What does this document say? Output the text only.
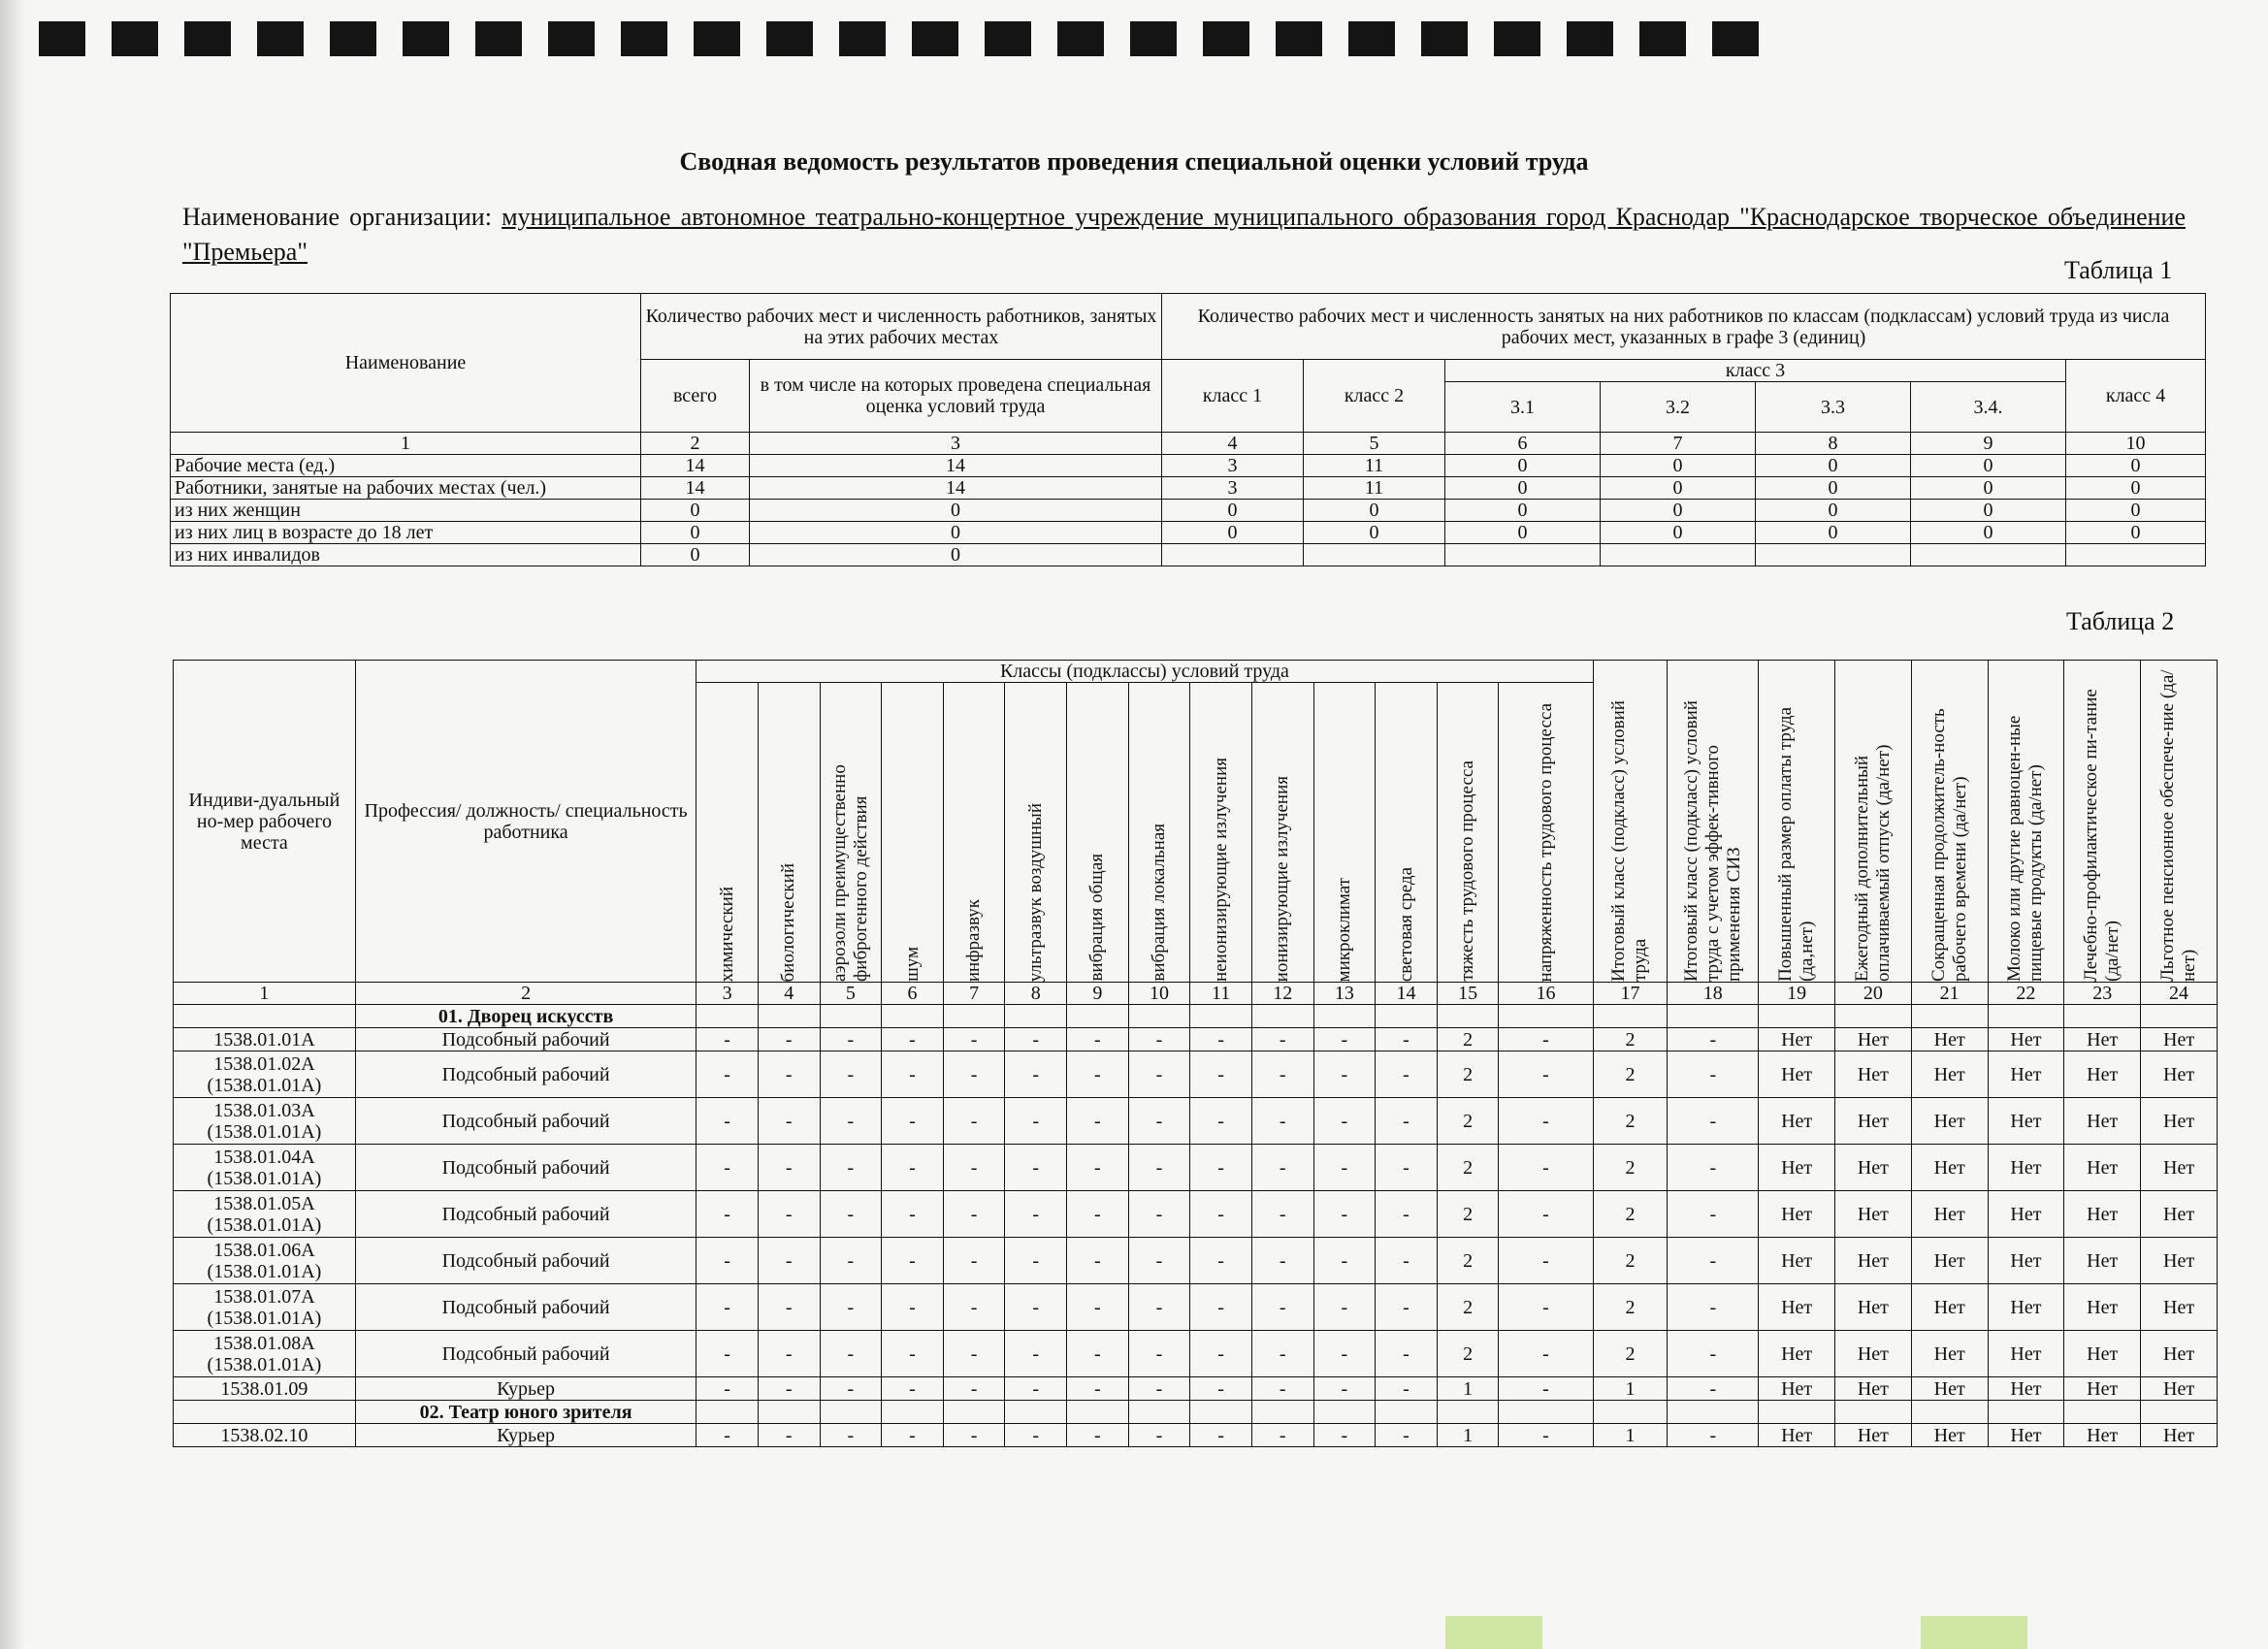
Сводная ведомость результатов проведения специальной оценки условий труда
Наименование организации: муниципальное автономное театрально-концертное учреждение муниципального образования город Краснодар "Краснодарское творческое объединение "Премьера"
Таблица 1
Наименование	Количество рабочих мест и численность работников, занятых на этих рабочих местах		Количество рабочих мест и численность занятых на них работников по классам (подклассам) условий труда из числа рабочих мест, указанных в графе 3 (единиц)						
	всего	в том числе на которых проведена специальная оценка условий труда	класс 1	класс 2	класс 3				класс 4
					3.1	3.2	3.3	3.4.	
1	2	3	4	5	6	7	8	9	10
Рабочие места (ед.)	14	14	3	11	0	0	0	0	0
Работники, занятые на рабочих местах (чел.)	14	14	3	11	0	0	0	0	0
из них женщин	0	0	0	0	0	0	0	0	0
из них лиц в возрасте до 18 лет	0	0	0	0	0	0	0	0	0
из них инвалидов	0	0							
Таблица 2
Индиви-дуальный но-мер рабочего места	Профессия/ должность/ специальность работника	Классы (подклассы) условий труда														Итоговый класс (подкласс) условий труда	Итоговый класс (подкласс) условий труда с учетом эффек-тивного применения СИЗ	Повышенный размер оплаты труда (да,нет)	Ежегодный дополнительный оплачиваемый отпуск (да/нет)	Сокращенная продолжитель-ность рабочего времени (да/нет)	Молоко или другие равноцен-ные пищевые продукты (да/нет)	Лечебно-профилактическое пи-тание (да/нет)	Льготное пенсионное обеспече-ние (да/нет)

		химический	биологический	аэрозоли преимущественно фиброгенного действия	шум	инфразвук	ультразвук воздушный	вибрация общая	вибрация локальная	неионизирующие излучения	ионизирующие излучения	микроклимат	световая среда	тяжесть трудового процесса	напряженность трудового процесса								

1	2	3	4	5	6	7	8	9	10	11	12	13	14	15	16	17	18	19	20	21	22	23	24
	01. Дворец искусств																						
1538.01.01А	Подсобный рабочий	-	-	-	-	-	-	-	-	-	-	-	-	2	-	2	-	Нет	Нет	Нет	Нет	Нет	Нет
1538.01.02А (1538.01.01А)	Подсобный рабочий	-	-	-	-	-	-	-	-	-	-	-	-	2	-	2	-	Нет	Нет	Нет	Нет	Нет	Нет
1538.01.03А (1538.01.01А)	Подсобный рабочий	-	-	-	-	-	-	-	-	-	-	-	-	2	-	2	-	Нет	Нет	Нет	Нет	Нет	Нет
1538.01.04А (1538.01.01А)	Подсобный рабочий	-	-	-	-	-	-	-	-	-	-	-	-	2	-	2	-	Нет	Нет	Нет	Нет	Нет	Нет
1538.01.05А (1538.01.01А)	Подсобный рабочий	-	-	-	-	-	-	-	-	-	-	-	-	2	-	2	-	Нет	Нет	Нет	Нет	Нет	Нет
1538.01.06А (1538.01.01А)	Подсобный рабочий	-	-	-	-	-	-	-	-	-	-	-	-	2	-	2	-	Нет	Нет	Нет	Нет	Нет	Нет
1538.01.07А (1538.01.01А)	Подсобный рабочий	-	-	-	-	-	-	-	-	-	-	-	-	2	-	2	-	Нет	Нет	Нет	Нет	Нет	Нет
1538.01.08А (1538.01.01А)	Подсобный рабочий	-	-	-	-	-	-	-	-	-	-	-	-	2	-	2	-	Нет	Нет	Нет	Нет	Нет	Нет
1538.01.09	Курьер	-	-	-	-	-	-	-	-	-	-	-	-	1	-	1	-	Нет	Нет	Нет	Нет	Нет	Нет
	02. Театр юного зрителя																						
1538.02.10	Курьер	-	-	-	-	-	-	-	-	-	-	-	-	1	-	1	-	Нет	Нет	Нет	Нет	Нет	Нет
